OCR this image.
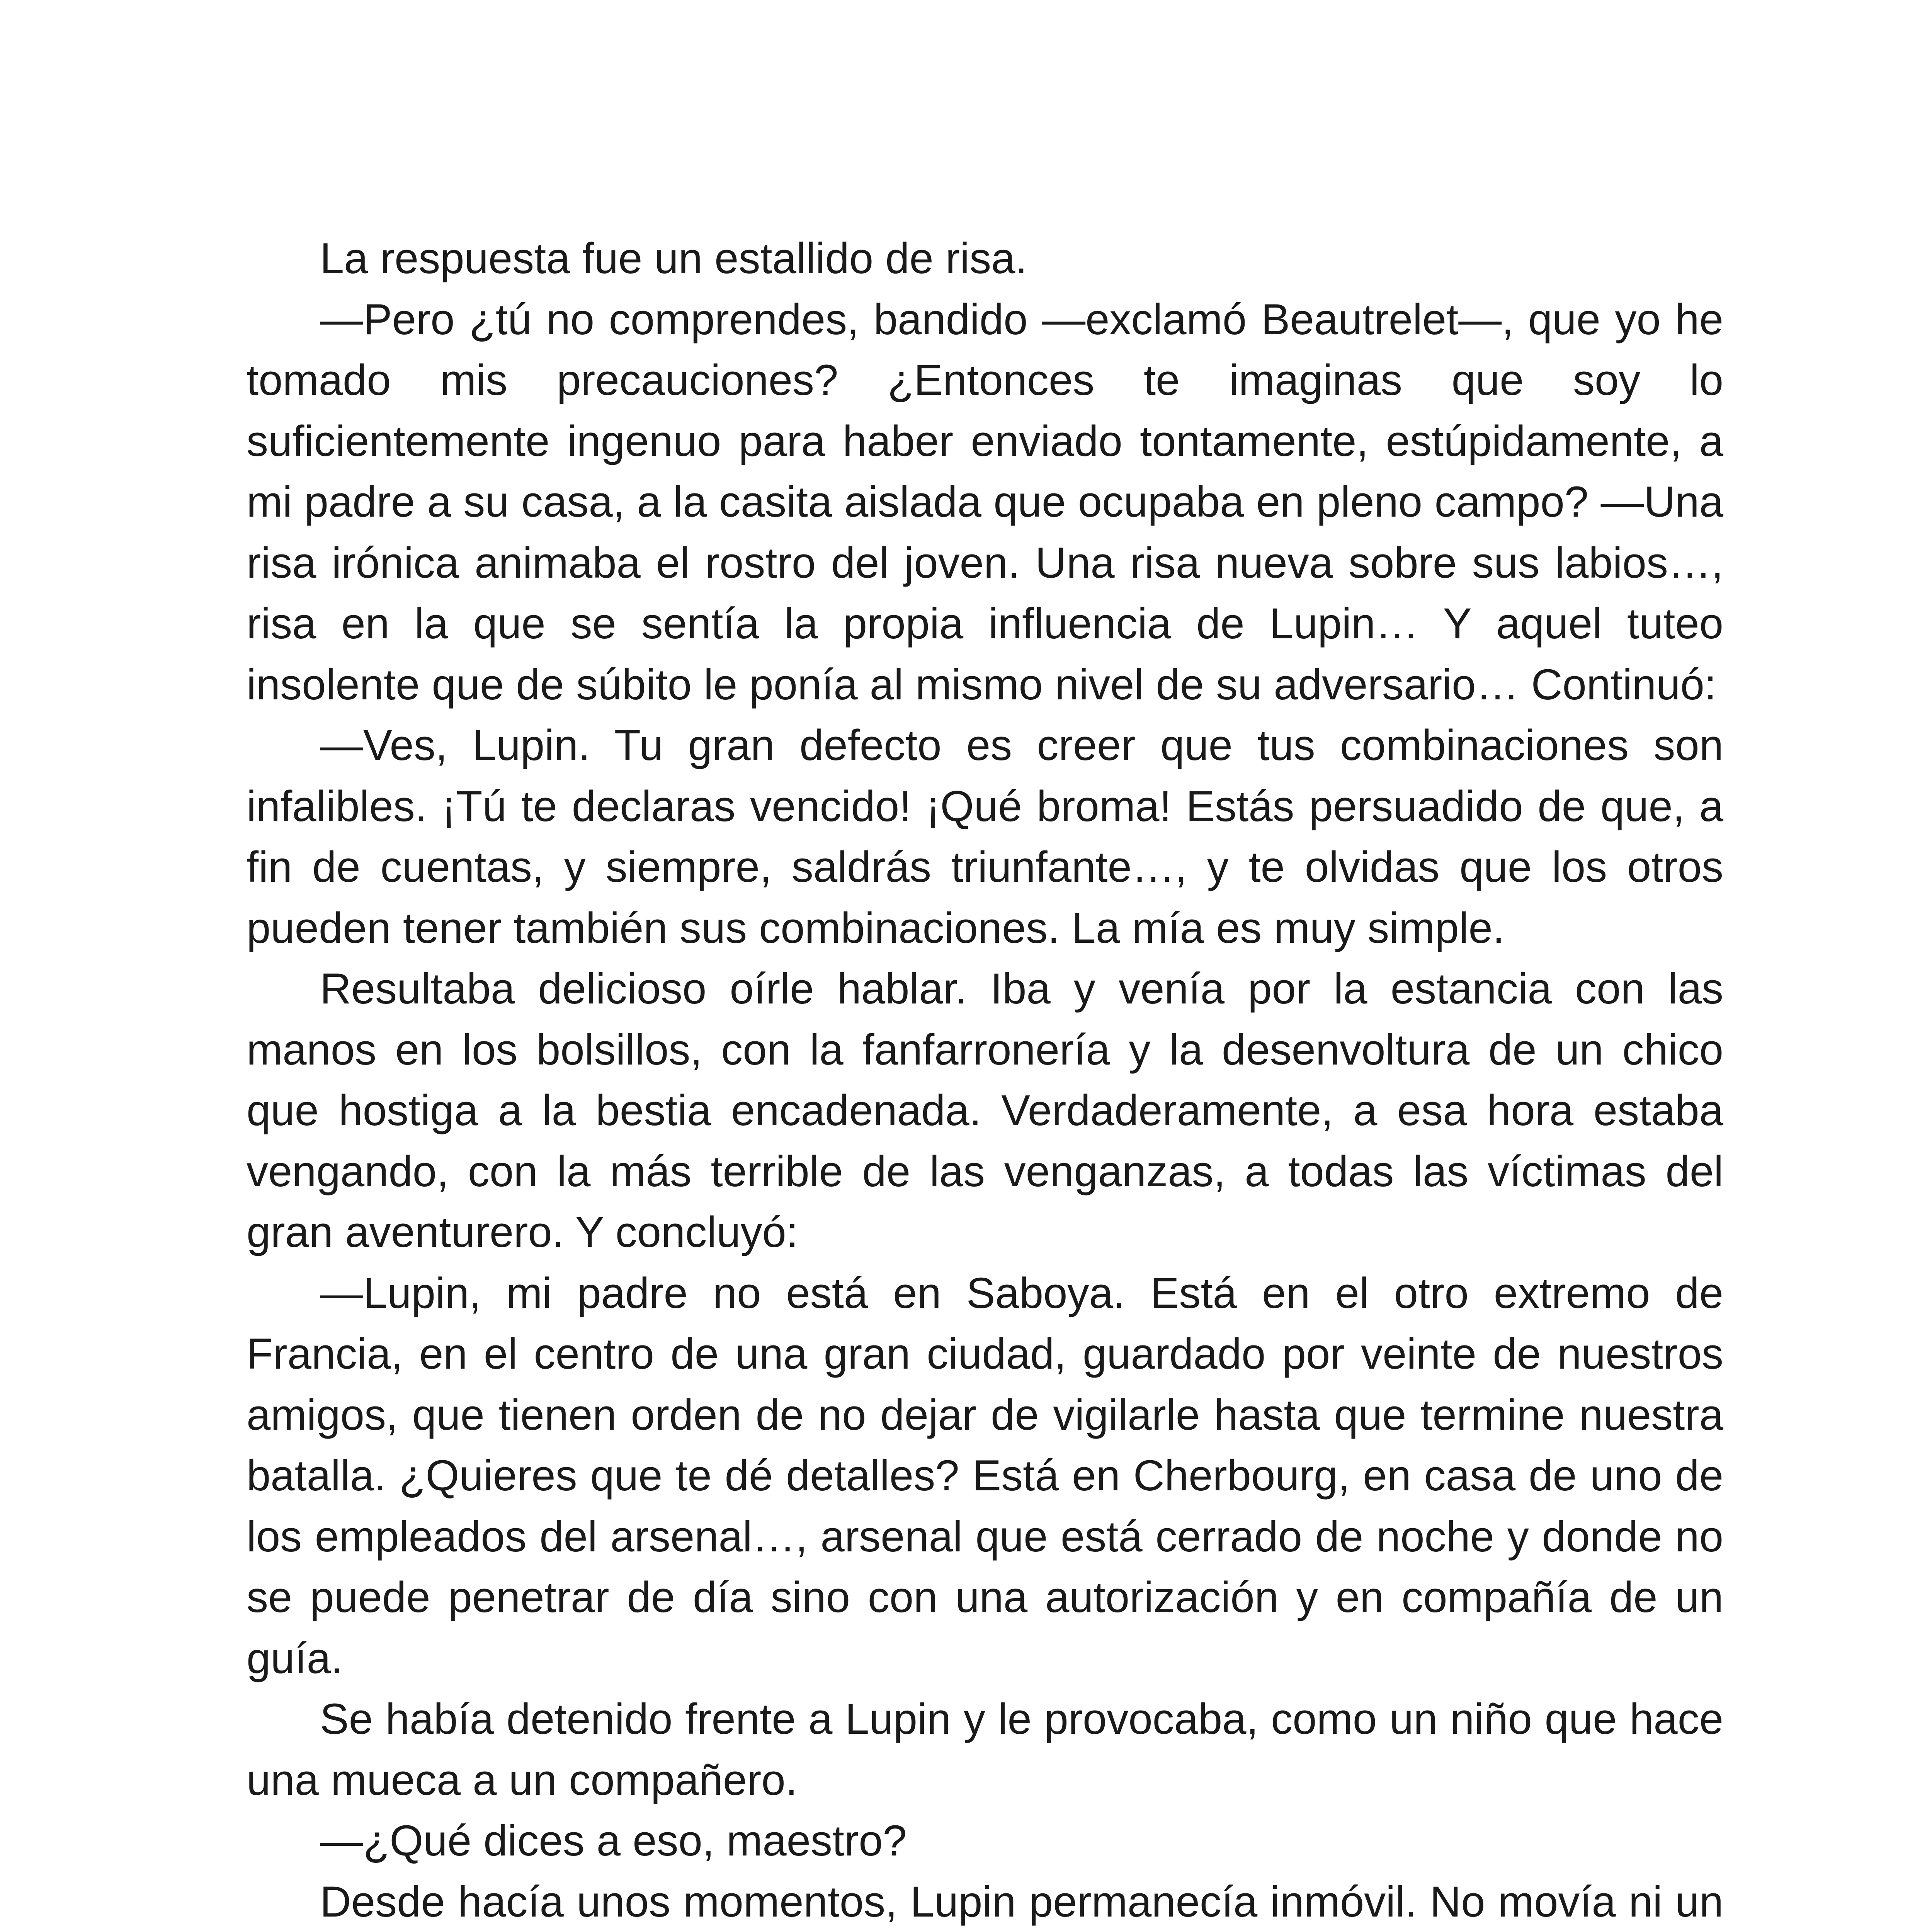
La respuesta fue un estallido de risa.

—Pero ¿tú no comprendes, bandido —exclamó Beautrelet—, que yo he tomado mis precauciones? ¿Entonces te imaginas que soy lo suficientemente ingenuo para haber enviado tontamente, estúpidamente, a mi padre a su casa, a la casita aislada que ocupaba en pleno campo? —Una risa irónica animaba el rostro del joven. Una risa nueva sobre sus labios…, risa en la que se sentía la propia influencia de Lupin… Y aquel tuteo insolente que de súbito le ponía al mismo nivel de su adversario… Continuó:

—Ves, Lupin. Tu gran defecto es creer que tus combinaciones son infalibles. ¡Tú te declaras vencido! ¡Qué broma! Estás persuadido de que, a fin de cuentas, y siempre, saldrás triunfante…, y te olvidas que los otros pueden tener también sus combinaciones. La mía es muy simple.

Resultaba delicioso oírle hablar. Iba y venía por la estancia con las manos en los bolsillos, con la fanfarronería y la desenvoltura de un chico que hostiga a la bestia encadenada. Verdaderamente, a esa hora estaba vengando, con la más terrible de las venganzas, a todas las víctimas del gran aventurero. Y concluyó:

—Lupin, mi padre no está en Saboya. Está en el otro extremo de Francia, en el centro de una gran ciudad, guardado por veinte de nuestros amigos, que tienen orden de no dejar de vigilarle hasta que termine nuestra batalla. ¿Quieres que te dé detalles? Está en Cherbourg, en casa de uno de los empleados del arsenal…, arsenal que está cerrado de noche y donde no se puede penetrar de día sino con una autorización y en compañía de un guía.

Se había detenido frente a Lupin y le provocaba, como un niño que hace una mueca a un compañero.

—¿Qué dices a eso, maestro?

Desde hacía unos momentos, Lupin permanecía inmóvil. No movía ni un
